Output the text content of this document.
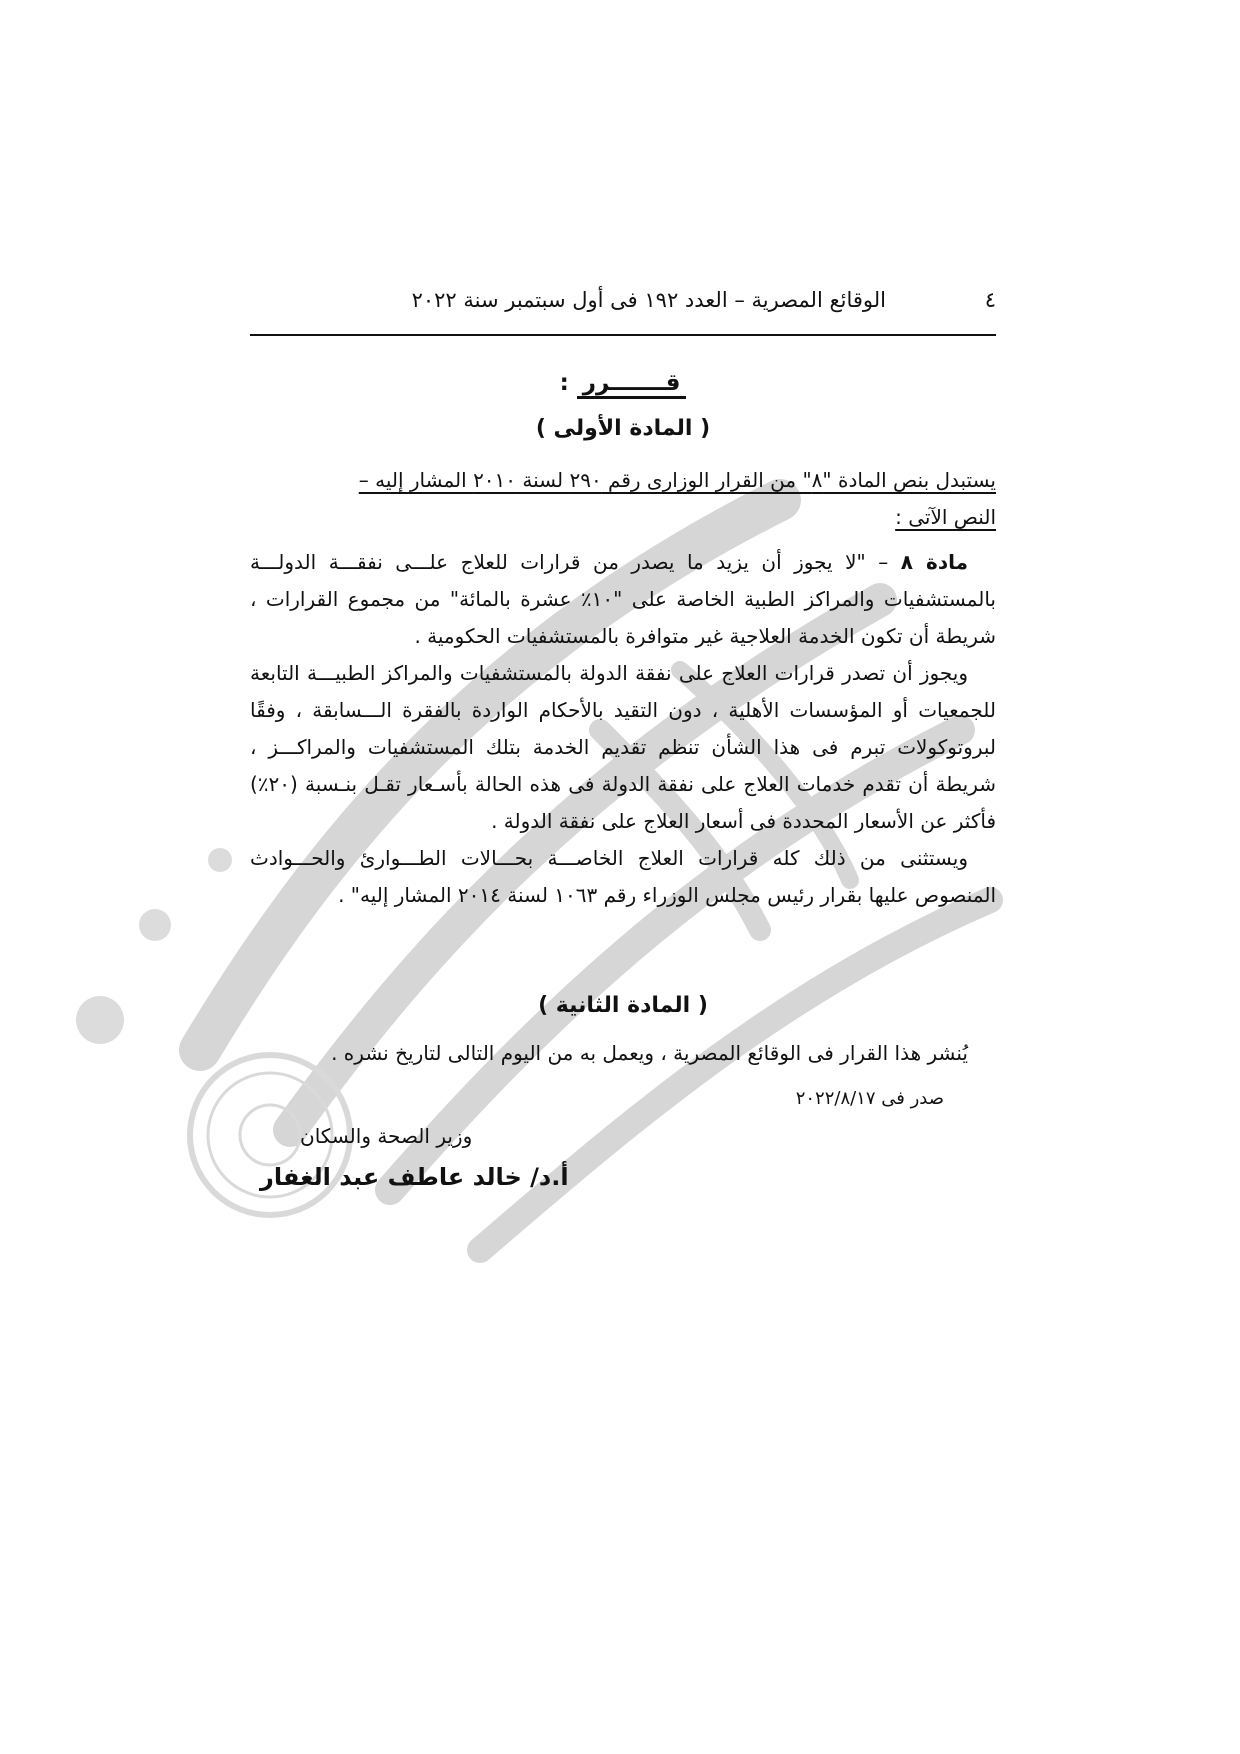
الوقائع المصرية – العدد ١٩٢ فى أول سبتمبر سنة ٢٠٢٢	٤
قـــــــرر :
( المادة الأولى )

يستبدل بنص المادة "٨" من القرار الوزارى رقم ٢٩٠ لسنة ٢٠١٠ المشار إليه –

النص الآتى :

مادة ٨ – "لا يجوز أن يزيد ما يصدر من قرارات للعلاج علـــى نفقـــة الدولـــة بالمستشفيات والمراكز الطبية الخاصة على "١٠٪ عشرة بالمائة" من مجموع القرارات ، شريطة أن تكون الخدمة العلاجية غير متوافرة بالمستشفيات الحكومية .

ويجوز أن تصدر قرارات العلاج على نفقة الدولة بالمستشفيات والمراكز الطبيـــة التابعة للجمعيات أو المؤسسات الأهلية ، دون التقيد بالأحكام الواردة بالفقرة الـــسابقة ، وفقًا لبروتوكولات تبرم فى هذا الشأن تنظم تقديم الخدمة بتلك المستشفيات والمراكـــز ، شريطة أن تقدم خدمات العلاج على نفقة الدولة فى هذه الحالة بأسـعار تقـل بنـسبة (٢٠٪) فأكثر عن الأسعار المحددة فى أسعار العلاج على نفقة الدولة .

ويستثنى من ذلك كله قرارات العلاج الخاصـــة بحـــالات الطـــوارئ والحـــوادث المنصوص عليها بقرار رئيس مجلس الوزراء رقم ١٠٦٣ لسنة ٢٠١٤ المشار إليه" .

( المادة الثانية )

يُنشر هذا القرار فى الوقائع المصرية ، ويعمل به من اليوم التالى لتاريخ نشره .

صدر فى ٢٠٢٢/٨/١٧
وزير الصحة والسكان
أ.د/ خالد عاطف عبد الغفار
